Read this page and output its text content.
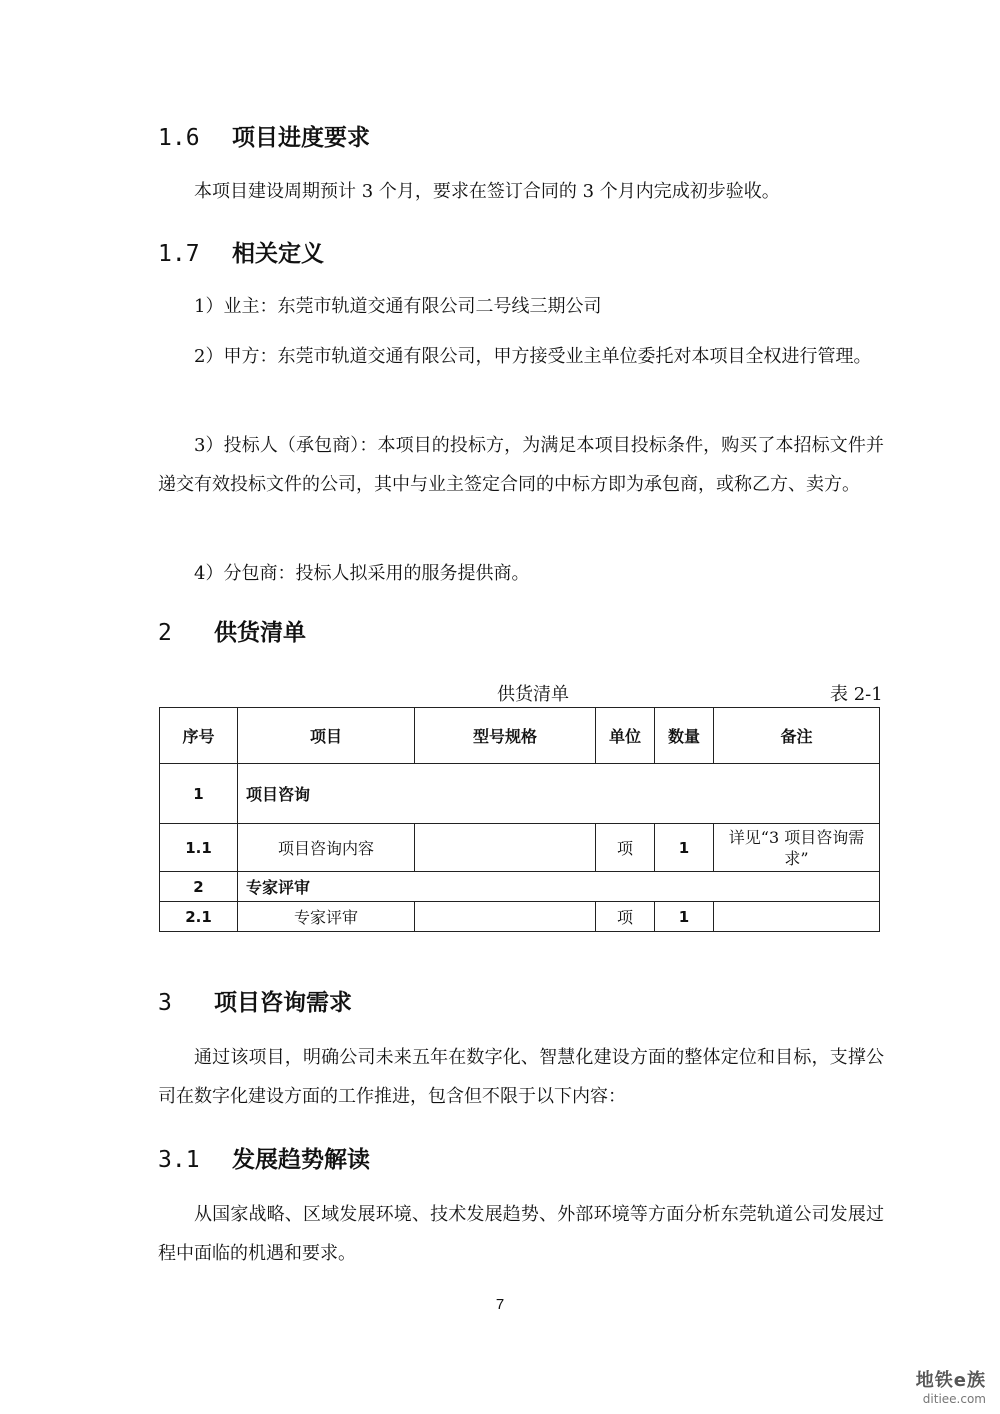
1.6 项目进度要求
本项目建设周期预计 3 个月，要求在签订合同的 3 个月内完成初步验收。
1.7 相关定义
1）业主：东莞市轨道交通有限公司二号线三期公司
2）甲方：东莞市轨道交通有限公司，甲方接受业主单位委托对本项目全权进行管理。
3）投标人（承包商）：本项目的投标方，为满足本项目投标条件，购买了本招标文件并递交有效投标文件的公司，其中与业主签定合同的中标方即为承包商，或称乙方、卖方。
4）分包商：投标人拟采用的服务提供商。
2 供货清单
供货清单	表 2-1
序号	项目	型号规格	单位	数量	备注
1	项目咨询				
1.1	项目咨询内容		项	1	详见“3 项目咨询需求”
2	专家评审				
2.1	专家评审		项	1	
3 项目咨询需求
通过该项目，明确公司未来五年在数字化、智慧化建设方面的整体定位和目标，支撑公司在数字化建设方面的工作推进，包含但不限于以下内容：
3.1 发展趋势解读
从国家战略、区域发展环境、技术发展趋势、外部环境等方面分析东莞轨道公司发展过程中面临的机遇和要求。
7
地铁e族
ditiee.com
